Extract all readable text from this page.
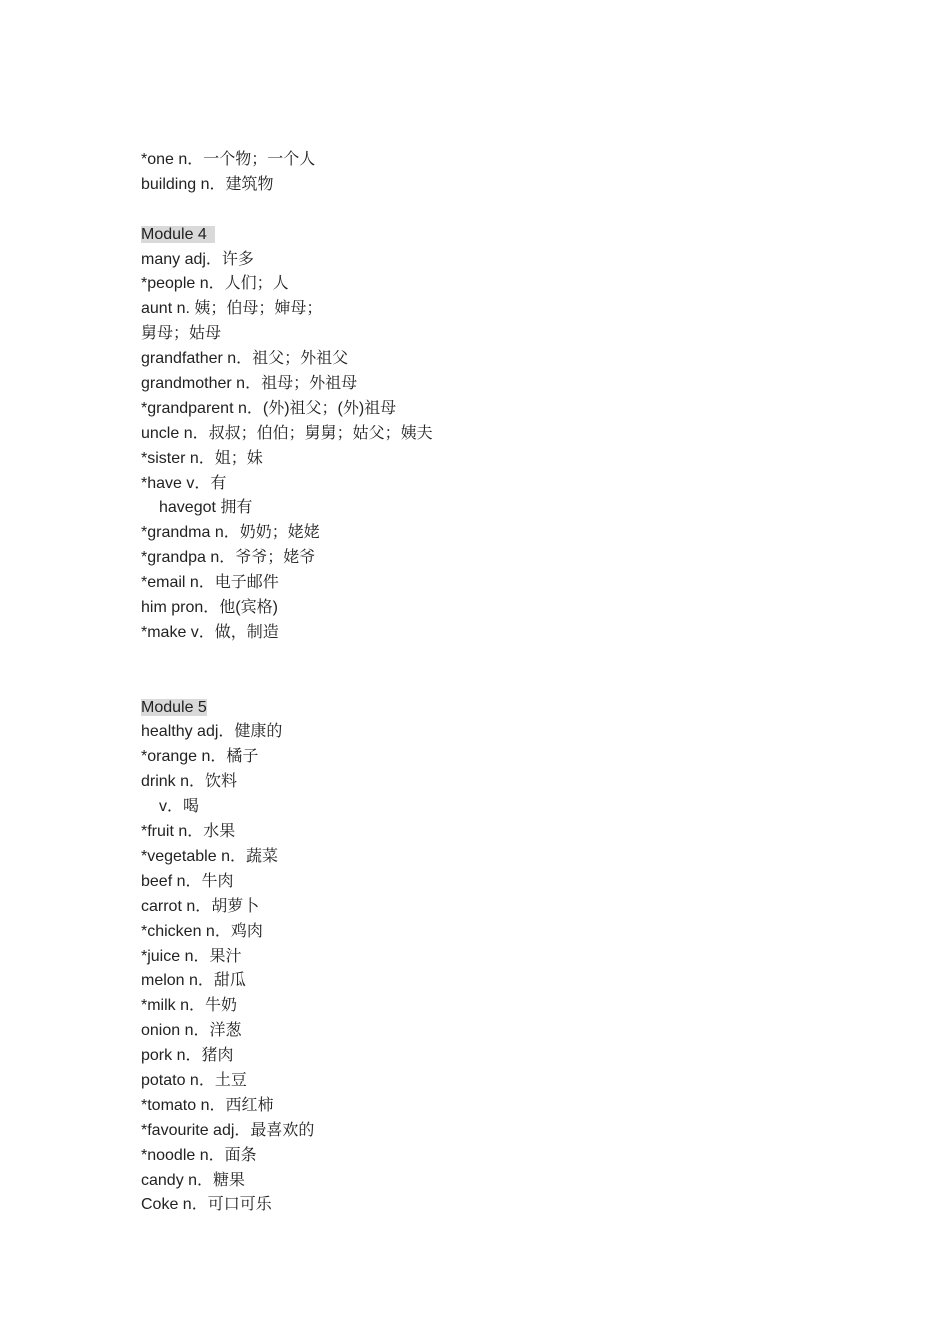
*one n．一个物；一个人
building n．建筑物
Module 4
many adj．许多
*people n．人们；人
aunt n. 姨；伯母；婶母；
舅母；姑母
grandfather n．祖父；外祖父
grandmother n．祖母；外祖母
*grandparent n．(外)祖父；(外)祖母
uncle n．叔叔；伯伯；舅舅；姑父；姨夫
*sister n．姐；妹
*have v．有
havegot 拥有
*grandma n．奶奶；姥姥
*grandpa n．爷爷；姥爷
*email n．电子邮件
him pron．他(宾格)
*make v．做，制造
Module 5
healthy adj．健康的
*orange n．橘子
drink n．饮料
v．喝
*fruit n．水果
*vegetable n．蔬菜
beef n．牛肉
carrot n．胡萝卜
*chicken n．鸡肉
*juice n．果汁
melon n．甜瓜
*milk n．牛奶
onion n．洋葱
pork n．猪肉
potato n．土豆
*tomato n．西红柿
*favourite adj．最喜欢的
*noodle n．面条
candy n．糖果
Coke n．可口可乐
